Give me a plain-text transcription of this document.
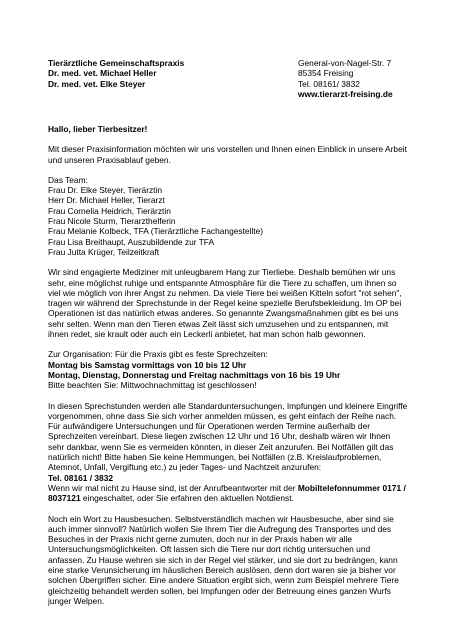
Tierärztliche Gemeinschaftspraxis
Dr. med. vet. Michael Heller
Dr. med. vet. Elke Steyer
General-von-Nagel-Str. 7
85354 Freising
Tel. 08161/ 3832
www.tierarzt-freising.de

Hallo, lieber Tierbesitzer!

Mit dieser Praxisinformation möchten wir uns vorstellen und Ihnen einen Einblick in unsere Arbeit und unseren Praxisablauf geben.

Das Team:
Frau Dr. Elke Steyer, Tierärztin
Herr Dr. Michael Heller, Tierarzt
Frau Cornelia Heidrich, Tierärztin
Frau Nicole Sturm, Tierarzthelferin
Frau Melanie Kolbeck, TFA (Tierärztliche Fachangestellte)
Frau Lisa Breithaupt, Auszubildende zur TFA
Frau Jutta Krüger, Teilzeitkraft

Wir sind engagierte Mediziner mit unleugbarem Hang zur Tierliebe. Deshalb bemühen wir uns sehr, eine möglichst ruhige und entspannte Atmosphäre für die Tiere zu schaffen, um ihnen so viel wie möglich von ihrer Angst zu nehmen. Da viele Tiere bei weißen Kitteln sofort "rot sehen", tragen wir während der Sprechstunde in der Regel keine spezielle Berufsbekleidung. Im OP bei Operationen ist das natürlich etwas anderes. So genannte Zwangsmaßnahmen gibt es bei uns sehr selten. Wenn man den Tieren etwas Zeit lässt sich umzusehen und zu entspannen, mit ihnen redet, sie krault oder auch ein Leckerli anbietet, hat man schon halb gewonnen.

Zur Organisation: Für die Praxis gibt es feste Sprechzeiten:
Montag bis Samstag vormittags von 10 bis 12 Uhr
Montag, Dienstag, Donnerstag und Freitag nachmittags von 16 bis 19 Uhr
Bitte beachten Sie: Mittwochnachmittag ist geschlossen!

In diesen Sprechstunden werden alle Standarduntersuchungen, Impfungen und kleinere Eingriffe vorgenommen, ohne dass Sie sich vorher anmelden müssen, es geht einfach der Reihe nach. Für aufwändigere Untersuchungen und für Operationen werden Termine außerhalb der Sprechzeiten vereinbart. Diese liegen zwischen 12 Uhr und 16 Uhr, deshalb wären wir Ihnen sehr dankbar, wenn Sie es vermeiden könnten, in dieser Zeit anzurufen. Bei Notfällen gilt das natürlich nicht! Bitte haben Sie keine Hemmungen, bei Notfällen (z.B. Kreislaufproblemen, Atemnot, Unfall, Vergiftung etc.) zu jeder Tages- und Nachtzeit anzurufen:
Tel. 08161 / 3832
Wenn wir mal nicht zu Hause sind, ist der Anrufbeantworter mit der Mobiltelefonnummer 0171 / 8037121 eingeschaltet, oder Sie erfahren den aktuellen Notdienst.

Noch ein Wort zu Hausbesuchen. Selbstverständlich machen wir Hausbesuche, aber sind sie auch immer sinnvoll? Natürlich wollen Sie Ihrem Tier die Aufregung des Transportes und des Besuches in der Praxis nicht gerne zumuten, doch nur in der Praxis haben wir alle Untersuchungsmöglichkeiten. Oft lassen sich die Tiere nur dort richtig untersuchen und anfassen. Zu Hause wehren sie sich in der Regel viel stärker, und sie dort zu bedrängen, kann eine starke Verunsicherung im häuslichen Bereich auslösen, denn dort waren sie ja bisher vor solchen Übergriffen sicher. Eine andere Situation ergibt sich, wenn zum Beispiel mehrere Tiere gleichzeitig behandelt werden sollen, bei Impfungen oder der Betreuung eines ganzen Wurfs junger Welpen.
